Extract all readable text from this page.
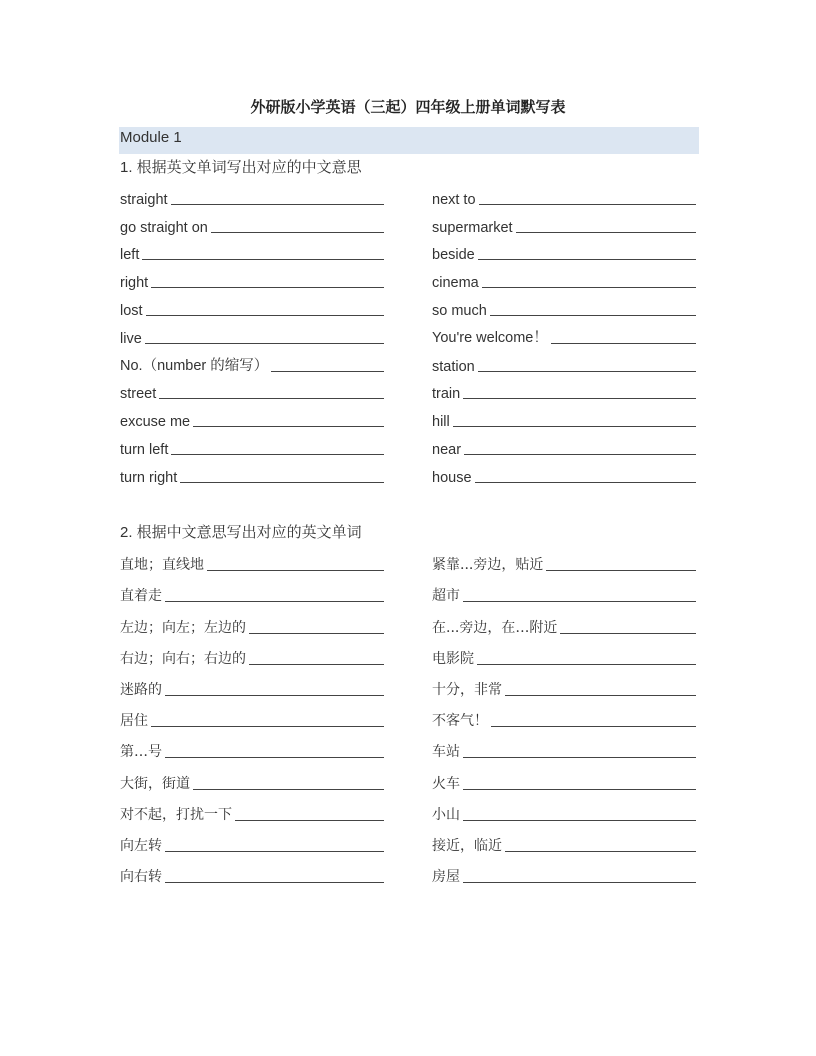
外研版小学英语（三起）四年级上册单词默写表
Module 1
1. 根据英文单词写出对应的中文意思
straight
go straight on
left
right
lost
live
No.（number 的缩写）
street
excuse me
turn left
turn right
next to
supermarket
beside
cinema
so much
You're welcome！
station
train
hill
near
house
2. 根据中文意思写出对应的英文单词
直地；直线地
直着走
左边；向左；左边的
右边；向右；右边的
迷路的
居住
第…号
大街，街道
对不起，打扰一下
向左转
向右转
紧靠...旁边，贴近
超市
在...旁边，在…附近
电影院
十分，非常
不客气！
车站
火车
小山
接近，临近
房屋
